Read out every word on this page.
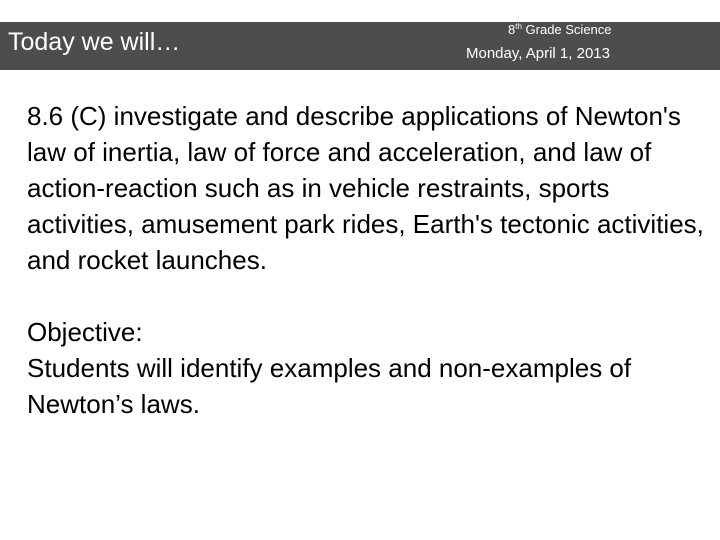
Today we will…	8th Grade Science
Monday, April 1, 2013

8.6 (C) investigate and describe applications of Newton's law of inertia, law of force and acceleration, and law of action-reaction such as in vehicle restraints, sports activities, amusement park rides, Earth's tectonic activities, and rocket launches.

Objective:

Students will identify examples and non-examples of Newton’s laws.
